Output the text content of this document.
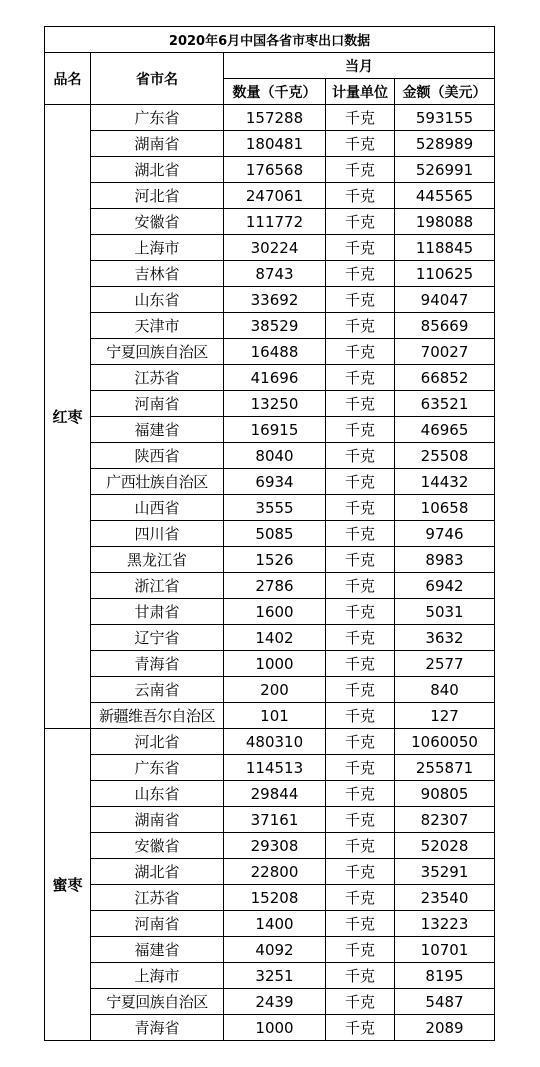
2020年6月中国各省市枣出口数据				
品名	省市名	当月		
		数量（千克）	计量单位	金额（美元）
红枣	广东省	157288	千克	593155
	湖南省	180481	千克	528989
	湖北省	176568	千克	526991
	河北省	247061	千克	445565
	安徽省	111772	千克	198088
	上海市	30224	千克	118845
	吉林省	8743	千克	110625
	山东省	33692	千克	94047
	天津市	38529	千克	85669
	宁夏回族自治区	16488	千克	70027
	江苏省	41696	千克	66852
	河南省	13250	千克	63521
	福建省	16915	千克	46965
	陕西省	8040	千克	25508
	广西壮族自治区	6934	千克	14432
	山西省	3555	千克	10658
	四川省	5085	千克	9746
	黑龙江省	1526	千克	8983
	浙江省	2786	千克	6942
	甘肃省	1600	千克	5031
	辽宁省	1402	千克	3632
	青海省	1000	千克	2577
	云南省	200	千克	840
	新疆维吾尔自治区	101	千克	127
蜜枣	河北省	480310	千克	1060050
	广东省	114513	千克	255871
	山东省	29844	千克	90805
	湖南省	37161	千克	82307
	安徽省	29308	千克	52028
	湖北省	22800	千克	35291
	江苏省	15208	千克	23540
	河南省	1400	千克	13223
	福建省	4092	千克	10701
	上海市	3251	千克	8195
	宁夏回族自治区	2439	千克	5487
	青海省	1000	千克	2089
